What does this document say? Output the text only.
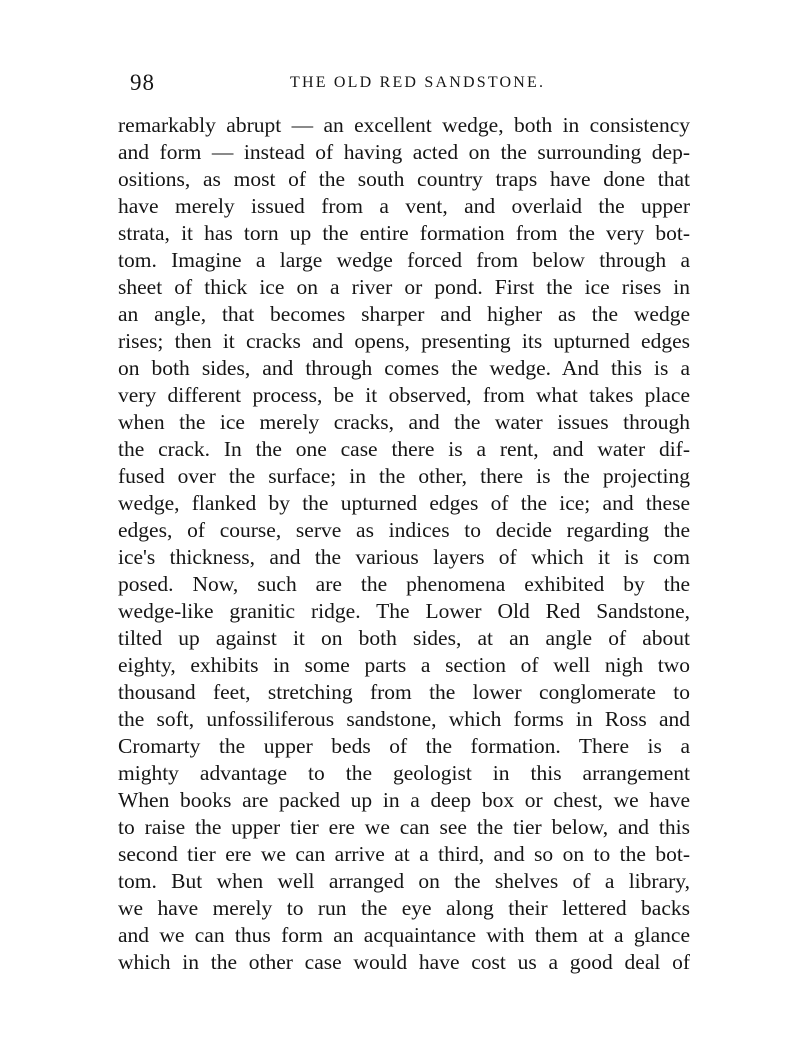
98	THE OLD RED SANDSTONE.
remarkably abrupt — an excellent wedge, both in consistency
and form — instead of having acted on the surrounding dep-
ositions, as most of the south country traps have done that
have merely issued from a vent, and overlaid the upper
strata, it has torn up the entire formation from the very bot-
tom. Imagine a large wedge forced from below through a
sheet of thick ice on a river or pond. First the ice rises in
an angle, that becomes sharper and higher as the wedge
rises; then it cracks and opens, presenting its upturned edges
on both sides, and through comes the wedge. And this is a
very different process, be it observed, from what takes place
when the ice merely cracks, and the water issues through
the crack. In the one case there is a rent, and water dif-
fused over the surface; in the other, there is the projecting
wedge, flanked by the upturned edges of the ice; and these
edges, of course, serve as indices to decide regarding the
ice's thickness, and the various layers of which it is com
posed. Now, such are the phenomena exhibited by the
wedge-like granitic ridge. The Lower Old Red Sandstone,
tilted up against it on both sides, at an angle of about
eighty, exhibits in some parts a section of well nigh two
thousand feet, stretching from the lower conglomerate to
the soft, unfossiliferous sandstone, which forms in Ross and
Cromarty the upper beds of the formation. There is a
mighty advantage to the geologist in this arrangement
When books are packed up in a deep box or chest, we have
to raise the upper tier ere we can see the tier below, and this
second tier ere we can arrive at a third, and so on to the bot-
tom. But when well arranged on the shelves of a library,
we have merely to run the eye along their lettered backs
and we can thus form an acquaintance with them at a glance
which in the other case would have cost us a good deal of
